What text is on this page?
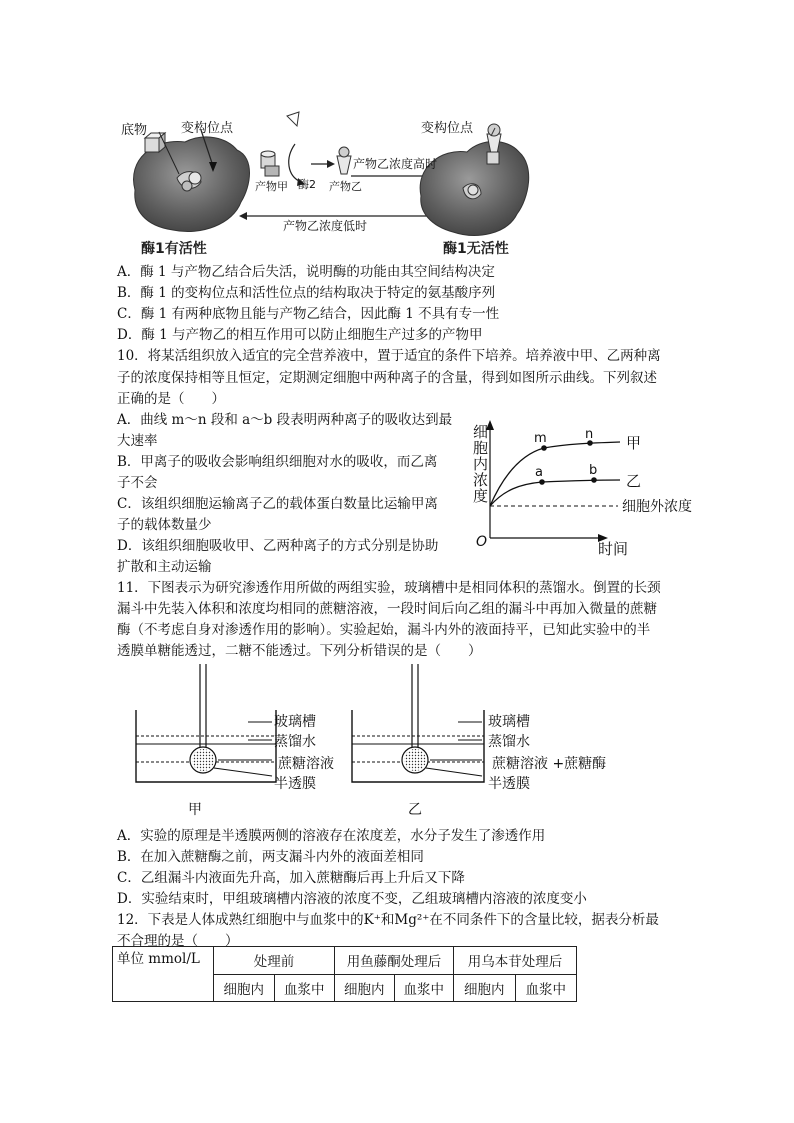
底物	变构位点
产物甲 酶2 产物乙
产物乙浓度高时
产物乙浓度低时
变构位点
酶1有活性	酶1无活性
A．酶 1 与产物乙结合后失活，说明酶的功能由其空间结构决定
B．酶 1 的变构位点和活性位点的结构取决于特定的氨基酸序列
C．酶 1 有两种底物且能与产物乙结合，因此酶 1 不具有专一性
D．酶 1 与产物乙的相互作用可以防止细胞生产过多的产物甲
10．将某活组织放入适宜的完全营养液中，置于适宜的条件下培养。培养液中甲、乙两种离
子的浓度保持相等且恒定，定期测定细胞中两种离子的含量，得到如图所示曲线。下列叙述
正确的是（　　）
A．曲线 m～n 段和 a～b 段表明两种离子的吸收达到最
大速率
B．甲离子的吸收会影响组织细胞对水的吸收，而乙离
子不会
C．该组织细胞运输离子乙的载体蛋白数量比运输甲离
子的载体数量少
D．该组织细胞吸收甲、乙两种离子的方式分别是协助
扩散和主动运输
m	n
a	b
甲
乙
细胞外浓度
O	时间
细胞内浓度
11．下图表示为研究渗透作用所做的两组实验，玻璃槽中是相同体积的蒸馏水。倒置的长颈
漏斗中先装入体积和浓度均相同的蔗糖溶液，一段时间后向乙组的漏斗中再加入微量的蔗糖
酶（不考虑自身对渗透作用的影响）。实验起始，漏斗内外的液面持平，已知此实验中的半
透膜单糖能透过，二糖不能透过。下列分析错误的是（　　）
玻璃槽
蒸馏水
蔗糖溶液
半透膜
甲
玻璃槽
蒸馏水
蔗糖溶液 +蔗糖酶
半透膜
乙
A．实验的原理是半透膜两侧的溶液存在浓度差，水分子发生了渗透作用
B．在加入蔗糖酶之前，两支漏斗内外的液面差相同
C．乙组漏斗内液面先升高，加入蔗糖酶后再上升后又下降
D．实验结束时，甲组玻璃槽内溶液的浓度不变，乙组玻璃槽内溶液的浓度变小
12．下表是人体成熟红细胞中与血浆中的K⁺和Mg²⁺在不同条件下的含量比较，据表分析最
不合理的是（　　）
单位 mmol/L	处理前		用鱼藤酮处理后		用乌本苷处理后	
	细胞内	血浆中	细胞内	血浆中	细胞内	血浆中
